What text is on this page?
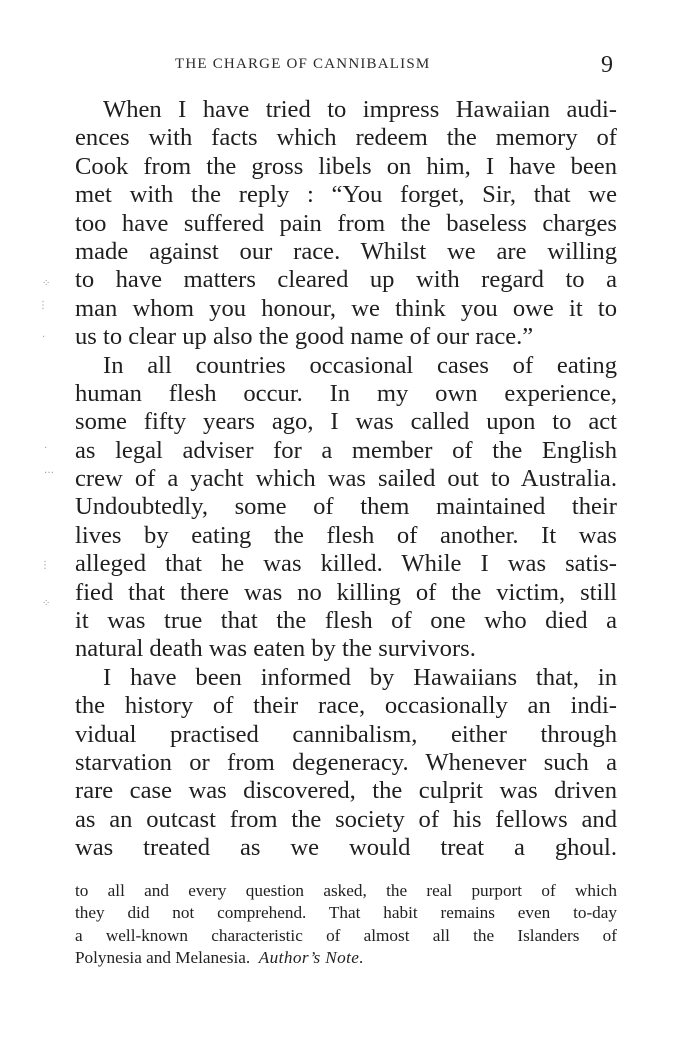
THE CHARGE OF CANNIBALISM	9
⁘
⋮
‧
․
…
⋮
⁘
When I have tried to impress Hawaiian audi-
ences with facts which redeem the memory of
Cook from the gross libels on him, I have been
met with the reply : “You forget, Sir, that we
too have suffered pain from the baseless charges
made against our race. Whilst we are willing
to have matters cleared up with regard to a
man whom you honour, we think you owe it to
us to clear up also the good name of our race.”
In all countries occasional cases of eating
human flesh occur. In my own experience,
some fifty years ago, I was called upon to act
as legal adviser for a member of the English
crew of a yacht which was sailed out to Australia.
Undoubtedly, some of them maintained their
lives by eating the flesh of another. It was
alleged that he was killed. While I was satis-
fied that there was no killing of the victim, still
it was true that the flesh of one who died a
natural death was eaten by the survivors.
I have been informed by Hawaiians that, in
the history of their race, occasionally an indi-
vidual practised cannibalism, either through
starvation or from degeneracy. Whenever such a
rare case was discovered, the culprit was driven
as an outcast from the society of his fellows and
was treated as we would treat a ghoul.
to all and every question asked, the real purport of which
they did not comprehend. That habit remains even to-day
a well-known characteristic of almost all the Islanders of
Polynesia and Melanesia. Author’s Note.
